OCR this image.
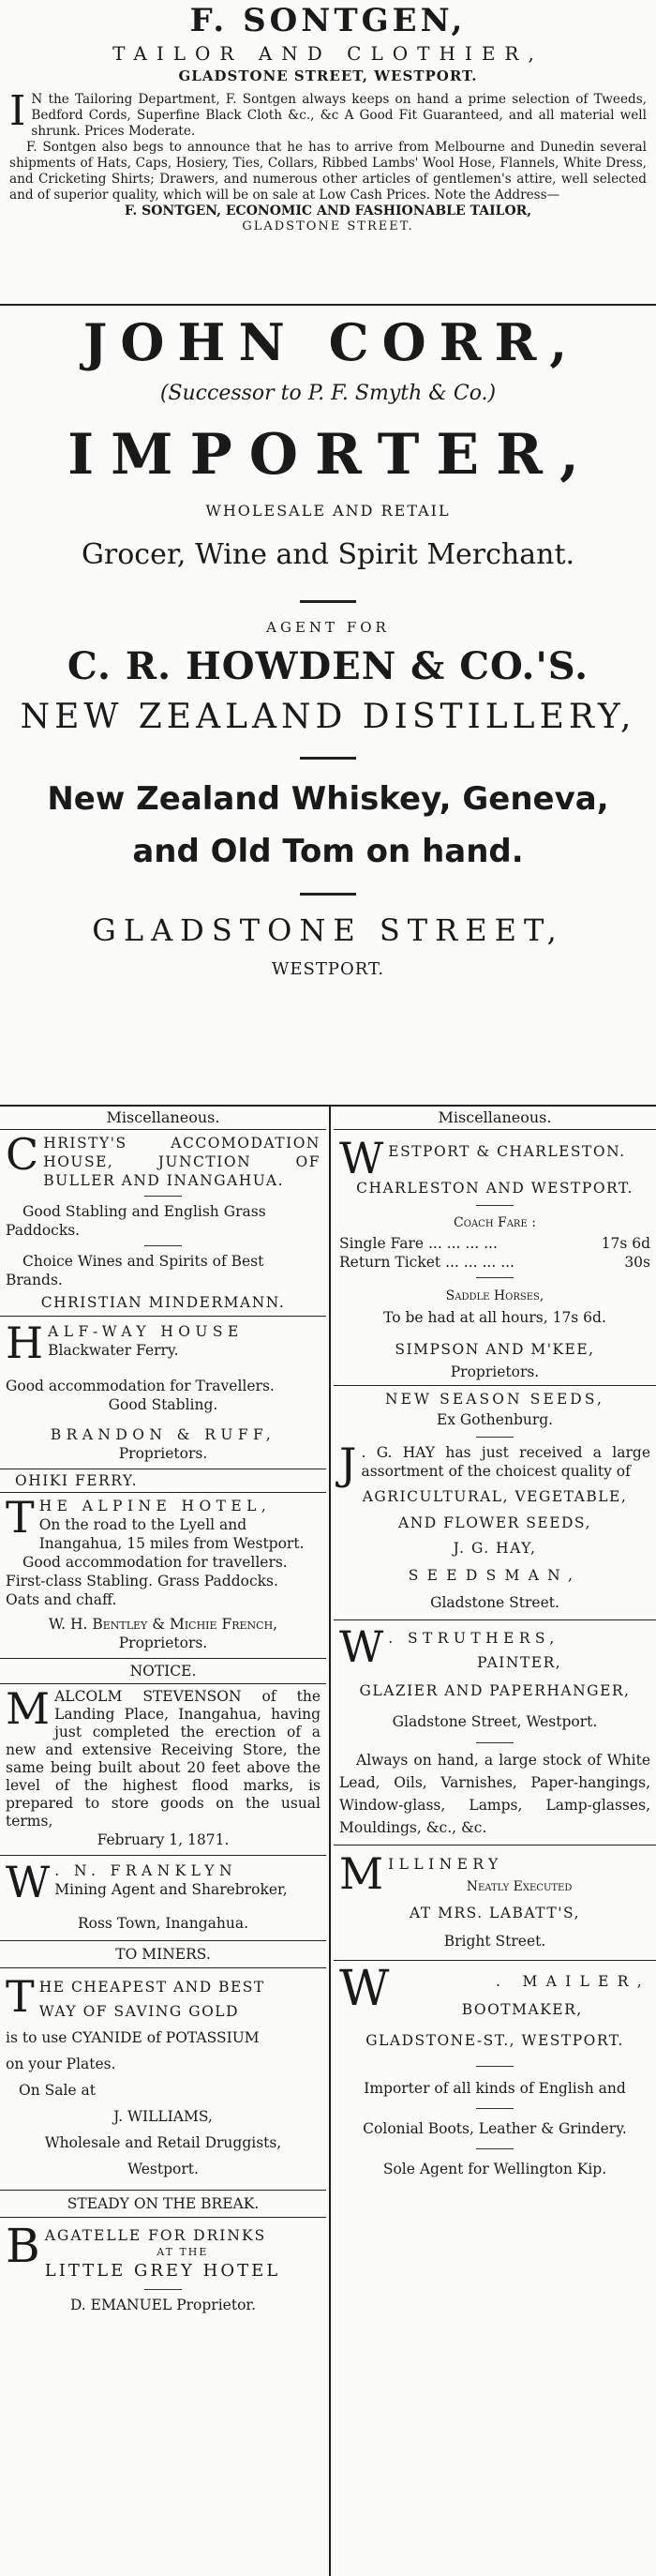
F. SONTGEN,
TAILOR AND CLOTHIER,
GLADSTONE STREET, WESTPORT.
I N the Tailoring Department, F. Sontgen always keeps on hand a prime selection of Tweeds, Bedford Cords, Superfine Black Cloth &c., &c A Good Fit Guaranteed, and all material well shrunk. Prices Moderate.

F. Sontgen also begs to announce that he has to arrive from Melbourne and Dunedin several shipments of Hats, Caps, Hosiery, Ties, Collars, Ribbed Lambs' Wool Hose, Flannels, White Dress, and Cricketing Shirts; Drawers, and numerous other articles of gentlemen's attire, well selected and of superior quality, which will be on sale at Low Cash Prices. Note the Address—

F. SONTGEN, ECONOMIC AND FASHIONABLE TAILOR,
GLADSTONE STREET.
JOHN CORR,
(Successor to P. F. Smyth & Co.)
IMPORTER,
WHOLESALE AND RETAIL
Grocer, Wine and Spirit Merchant.
AGENT FOR
C. R. HOWDEN & CO.'S.
NEW ZEALAND DISTILLERY,
New Zealand Whiskey, Geneva,
and Old Tom on hand.
GLADSTONE STREET,
WESTPORT.
Miscellaneous.
C HRISTY'S ACCOMODATION HOUSE, JUNCTION OF BULLER AND INANGAHUA.

Good Stabling and English Grass Paddocks.

Choice Wines and Spirits of Best Brands.

CHRISTIAN MINDERMANN.

H ALF-WAY HOUSE

Blackwater Ferry.

Good accommodation for Travellers.

Good Stabling.

BRANDON & RUFF,

Proprietors.

OHIKI FERRY.

T HE ALPINE HOTEL,

On the road to the Lyell and Inangahua, 15 miles from Westport.

Good accommodation for travellers.

First-class Stabling. Grass Paddocks.

Oats and chaff.

W. H. Bentley & Michie French,

Proprietors.

NOTICE.

M ALCOLM STEVENSON of the Landing Place, Inangahua, having just completed the erection of a new and extensive Receiving Store, the same being built about 20 feet above the level of the highest flood marks, is prepared to store goods on the usual terms,

February 1, 1871.

W . N. FRANKLYN

Mining Agent and Sharebroker,

Ross Town, Inangahua.

TO MINERS.

T HE CHEAPEST AND BEST

WAY OF SAVING GOLD

is to use CYANIDE of POTASSIUM

on your Plates.

On Sale at

J. WILLIAMS,

Wholesale and Retail Druggists,

Westport.

STEADY ON THE BREAK.

B AGATELLE FOR DRINKS

AT THE

LITTLE GREY HOTEL

D. EMANUEL Proprietor.

Miscellaneous.
W ESTPORT & CHARLESTON.

CHARLESTON AND WESTPORT.

Coach Fare :

Single Fare ... ... ... ...	17s 6d
Return Ticket ... ... ... ...	30s

Saddle Horses,

To be had at all hours, 17s 6d.

SIMPSON AND M'KEE,

Proprietors.

NEW SEASON SEEDS,

Ex Gothenburg.

J . G. HAY has just received a large assortment of the choicest quality of

AGRICULTURAL, VEGETABLE,

AND FLOWER SEEDS,

J. G. HAY,

SEEDSMAN,

Gladstone Street.

W . STRUTHERS,

PAINTER,

GLAZIER AND PAPERHANGER,

Gladstone Street, Westport.

Always on hand, a large stock of White Lead, Oils, Varnishes, Paper-hangings, Window-glass, Lamps, Lamp-glasses, Mouldings, &c., &c.

M ILLINERY

Neatly Executed

AT MRS. LABATT'S,

Bright Street.

W	. MAILER,

BOOTMAKER,

GLADSTONE-ST., WESTPORT.

Importer of all kinds of English and

Colonial Boots, Leather & Grindery.

Sole Agent for Wellington Kip.
